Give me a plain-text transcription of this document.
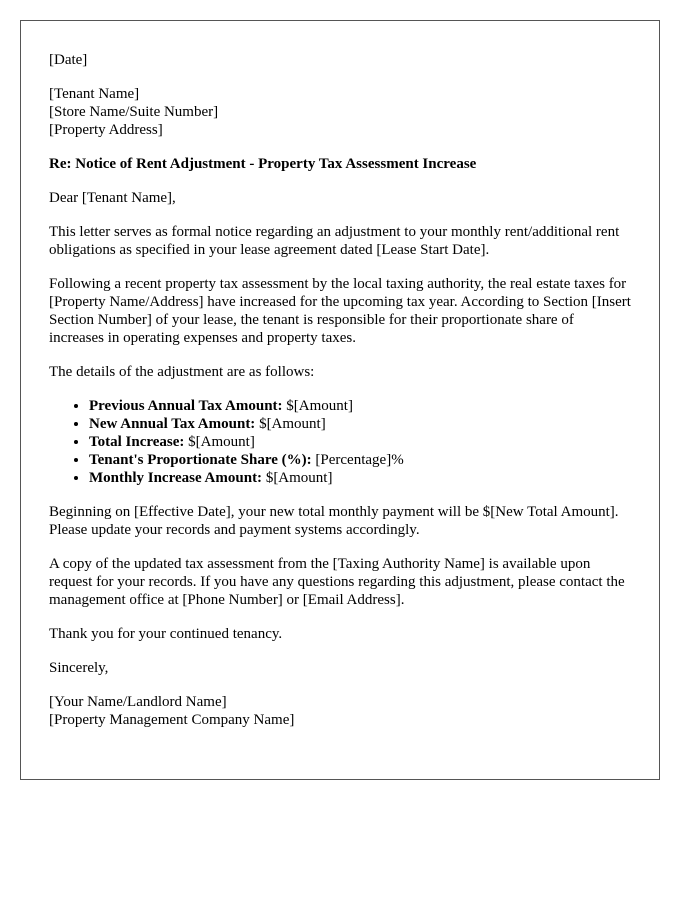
[Date]
[Tenant Name]
[Store Name/Suite Number]
[Property Address]

Re: Notice of Rent Adjustment - Property Tax Assessment Increase

Dear [Tenant Name],

This letter serves as formal notice regarding an adjustment to your monthly rent/additional rent obligations as specified in your lease agreement dated [Lease Start Date].

Following a recent property tax assessment by the local taxing authority, the real estate taxes for [Property Name/Address] have increased for the upcoming tax year. According to Section [Insert Section Number] of your lease, the tenant is responsible for their proportionate share of increases in operating expenses and property taxes.

The details of the adjustment are as follows:

• Previous Annual Tax Amount: $[Amount]
• New Annual Tax Amount: $[Amount]
• Total Increase: $[Amount]
• Tenant's Proportionate Share (%): [Percentage]%
• Monthly Increase Amount: $[Amount]

Beginning on [Effective Date], your new total monthly payment will be $[New Total Amount]. Please update your records and payment systems accordingly.

A copy of the updated tax assessment from the [Taxing Authority Name] is available upon request for your records. If you have any questions regarding this adjustment, please contact the management office at [Phone Number] or [Email Address].

Thank you for your continued tenancy.

Sincerely,

[Your Name/Landlord Name]
[Property Management Company Name]
